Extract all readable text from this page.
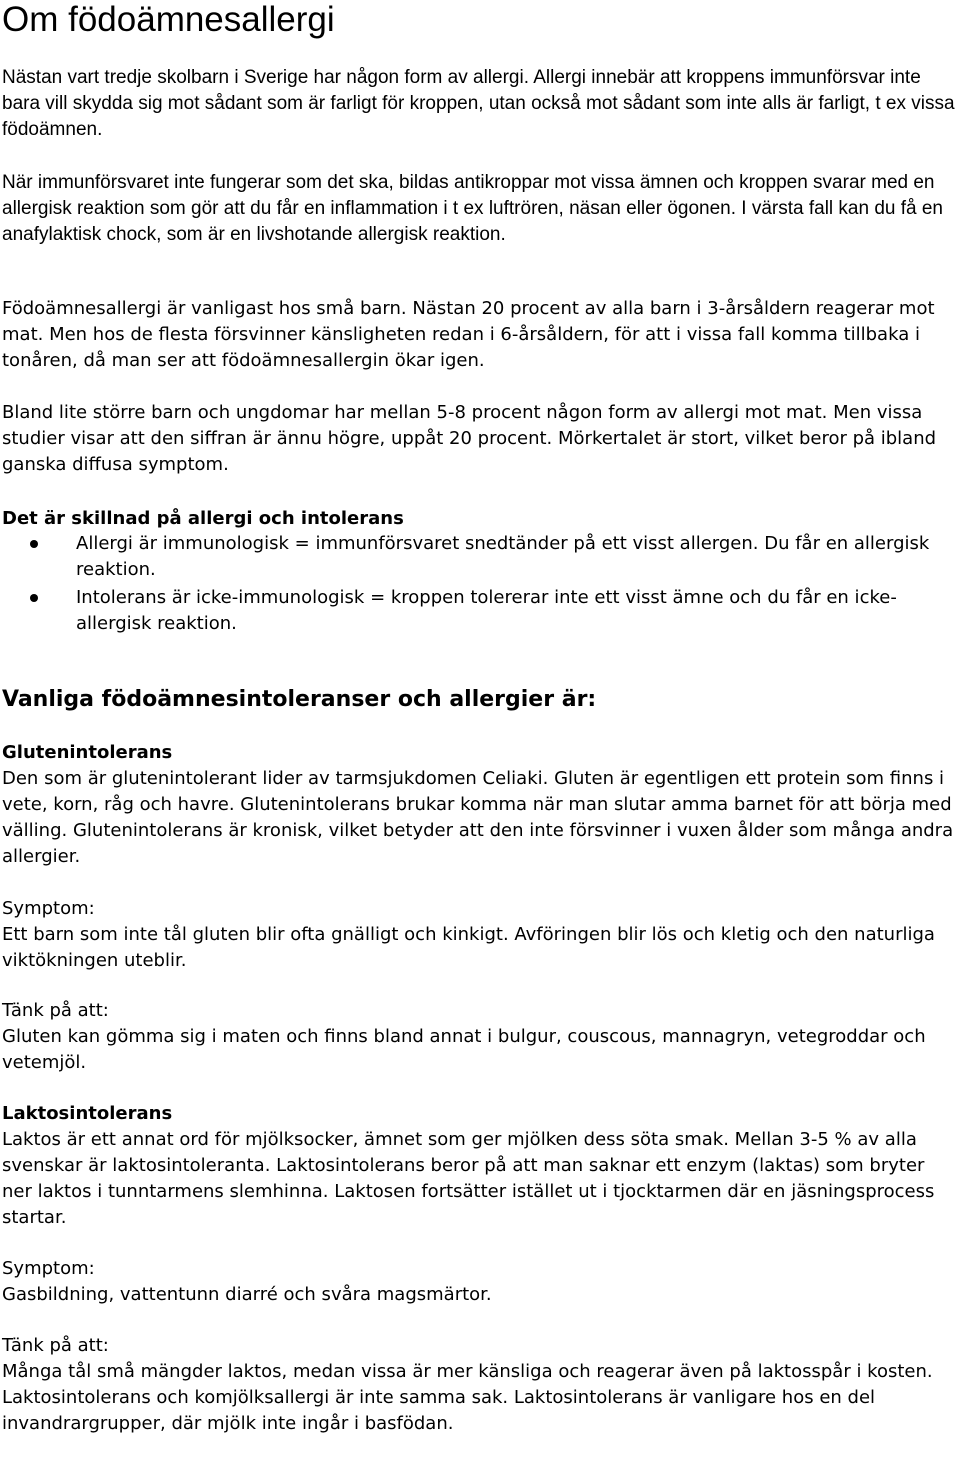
Om födoämnesallergi

Nästan vart tredje skolbarn i Sverige har någon form av allergi. Allergi innebär att kroppens immunförsvar inte bara vill skydda sig mot sådant som är farligt för kroppen, utan också mot sådant som inte alls är farligt, t ex vissa födoämnen.

När immunförsvaret inte fungerar som det ska, bildas antikroppar mot vissa ämnen och kroppen svarar med en allergisk reaktion som gör att du får en inflammation i t ex luftrören, näsan eller ögonen. I värsta fall kan du få en anafylaktisk chock, som är en livshotande allergisk reaktion.

Födoämnesallergi är vanligast hos små barn. Nästan 20 procent av alla barn i 3-årsåldern reagerar mot mat. Men hos de flesta försvinner känsligheten redan i 6-årsåldern, för att i vissa fall komma tillbaka i tonåren, då man ser att födoämnesallergin ökar igen.

Bland lite större barn och ungdomar har mellan 5-8 procent någon form av allergi mot mat. Men vissa studier visar att den siffran är ännu högre, uppåt 20 procent. Mörkertalet är stort, vilket beror på ibland ganska diffusa symptom.

Det är skillnad på allergi och intolerans

Allergi är immunologisk = immunförsvaret snedtänder på ett visst allergen. Du får en allergisk reaktion.
Intolerans är icke-immunologisk = kroppen tolererar inte ett visst ämne och du får en icke-allergisk reaktion.

Vanliga födoämnesintoleranser och allergier är:

Glutenintolerans

Den som är glutenintolerant lider av tarmsjukdomen Celiaki. Gluten är egentligen ett protein som finns i vete, korn, råg och havre. Glutenintolerans brukar komma när man slutar amma barnet för att börja med välling. Glutenintolerans är kronisk, vilket betyder att den inte försvinner i vuxen ålder som många andra allergier.

Symptom:

Ett barn som inte tål gluten blir ofta gnälligt och kinkigt. Avföringen blir lös och kletig och den naturliga viktökningen uteblir.

Tänk på att:

Gluten kan gömma sig i maten och finns bland annat i bulgur, couscous, mannagryn, vetegroddar och vetemjöl.

Laktosintolerans

Laktos är ett annat ord för mjölksocker, ämnet som ger mjölken dess söta smak. Mellan 3-5 % av alla svenskar är laktosintoleranta. Laktosintolerans beror på att man saknar ett enzym (laktas) som bryter ner laktos i tunntarmens slemhinna. Laktosen fortsätter istället ut i tjocktarmen där en jäsningsprocess startar.

Symptom:

Gasbildning, vattentunn diarré och svåra magsmärtor.

Tänk på att:

Många tål små mängder laktos, medan vissa är mer känsliga och reagerar även på laktosspår i kosten. Laktosintolerans och komjölksallergi är inte samma sak. Laktosintolerans är vanligare hos en del invandrargrupper, där mjölk inte ingår i basfödan.
